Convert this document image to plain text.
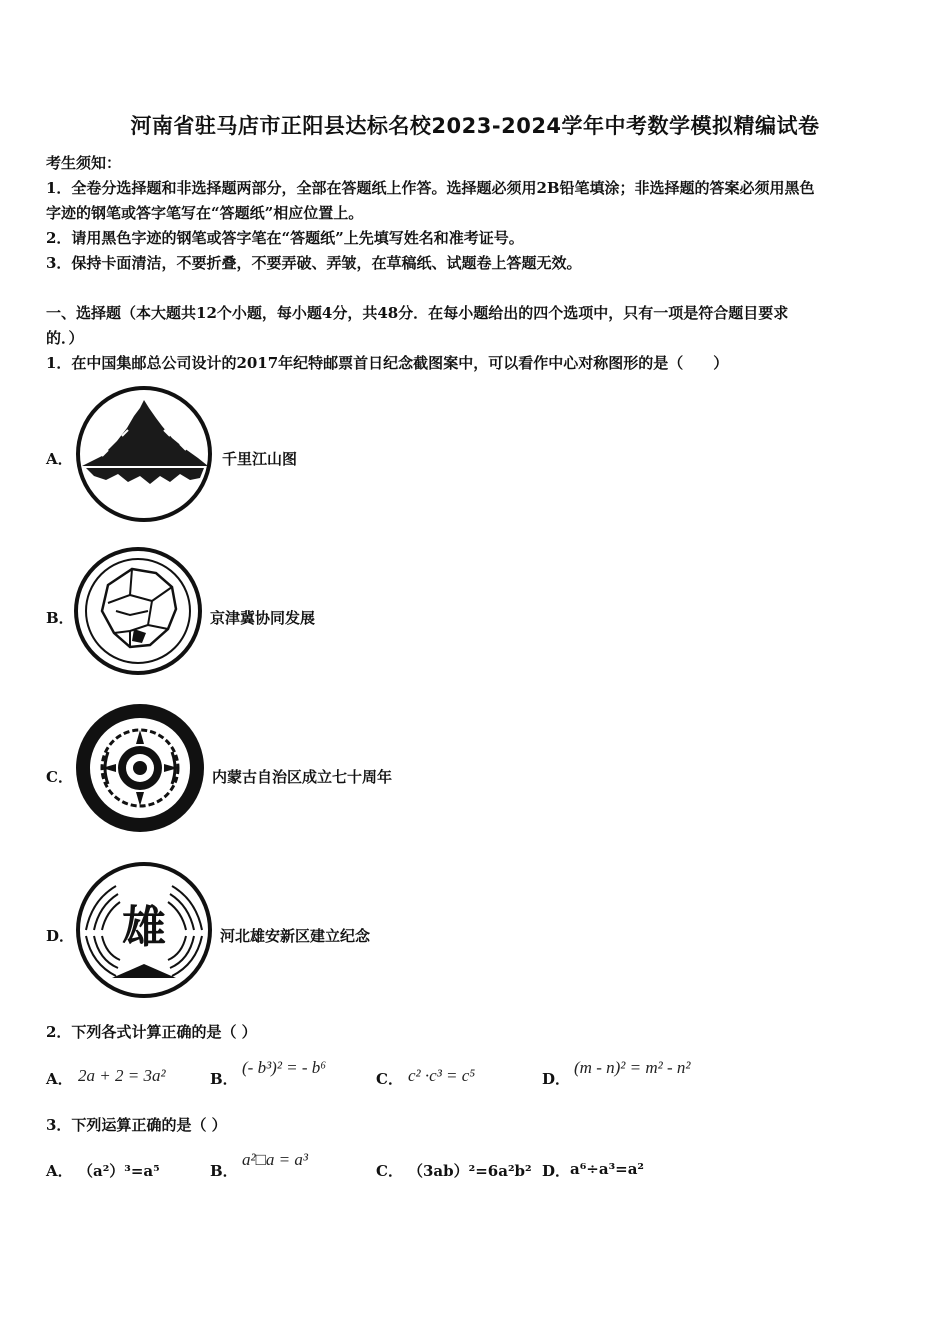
河南省驻马店市正阳县达标名校2023-2024学年中考数学模拟精编试卷
考生须知：
1．全卷分选择题和非选择题两部分，全部在答题纸上作答。选择题必须用2B铅笔填涂；非选择题的答案必须用黑色
字迹的钢笔或答字笔写在“答题纸”相应位置上。
2．请用黑色字迹的钢笔或答字笔在“答题纸”上先填写姓名和准考证号。
3．保持卡面清洁，不要折叠，不要弄破、弄皱，在草稿纸、试题卷上答题无效。
一、选择题（本大题共12个小题，每小题4分，共48分．在每小题给出的四个选项中，只有一项是符合题目要求
的．）
1．在中国集邮总公司设计的2017年纪特邮票首日纪念截图案中，可以看作中心对称图形的是（　　）
A．	千里江山图
B．	京津冀协同发展
C．	内蒙古自治区成立七十周年
D． 雄	河北雄安新区建立纪念
2．下列各式计算正确的是（ ）
A． 2a + 2 = 3a²	B．
(- b³)² = - b⁶
C． c² ·c³ = c⁵	D．
(m - n)² = m² - n²
3．下列运算正确的是（ ）
A． （a²）³=a⁵	B．
a²□a = a³
C． （3ab）²=6a²b² D． a⁶÷a³=a²
